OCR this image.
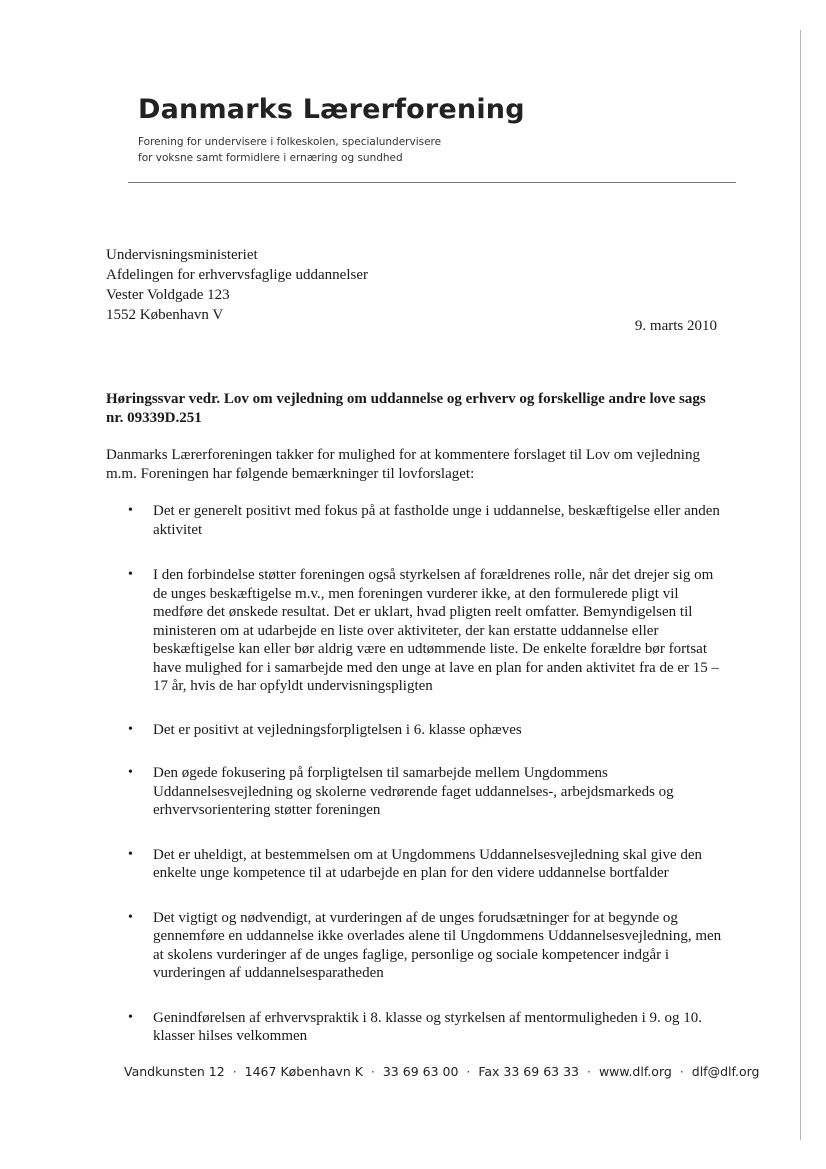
Danmarks Lærerforening
Forening for undervisere i folkeskolen, specialundervisere
for voksne samt formidlere i ernæring og sundhed
Undervisningsministeriet
Afdelingen for erhvervsfaglige uddannelser
Vester Voldgade 123
1552 København V
9. marts 2010
Høringssvar vedr. Lov om vejledning om uddannelse og erhverv og forskellige andre love sags nr. 09339D.251
Danmarks Lærerforeningen takker for mulighed for at kommentere forslaget til Lov om vejledning m.m. Foreningen har følgende bemærkninger til lovforslaget:
• Det er generelt positivt med fokus på at fastholde unge i uddannelse, beskæftigelse eller anden aktivitet
• I den forbindelse støtter foreningen også styrkelsen af forældrenes rolle, når det drejer sig om de unges beskæftigelse m.v., men foreningen vurderer ikke, at den formulerede pligt vil medføre det ønskede resultat. Det er uklart, hvad pligten reelt omfatter. Bemyndigelsen til ministeren om at udarbejde en liste over aktiviteter, der kan erstatte uddannelse eller beskæftigelse kan eller bør aldrig være en udtømmende liste. De enkelte forældre bør fortsat have mulighed for i samarbejde med den unge at lave en plan for anden aktivitet fra de er 15 – 17 år, hvis de har opfyldt undervisningspligten
• Det er positivt at vejledningsforpligtelsen i 6. klasse ophæves
• Den øgede fokusering på forpligtelsen til samarbejde mellem Ungdommens Uddannelsesvejledning og skolerne vedrørende faget uddannelses-, arbejdsmarkeds og erhvervsorientering støtter foreningen
• Det er uheldigt, at bestemmelsen om at Ungdommens Uddannelsesvejledning skal give den enkelte unge kompetence til at udarbejde en plan for den videre uddannelse bortfalder
• Det vigtigt og nødvendigt, at vurderingen af de unges forudsætninger for at begynde og gennemføre en uddannelse ikke overlades alene til Ungdommens Uddannelsesvejledning, men at skolens vurderinger af de unges faglige, personlige og sociale kompetencer indgår i vurderingen af uddannelsesparatheden
• Genindførelsen af erhvervspraktik i 8. klasse og styrkelsen af mentormuligheden i 9. og 10. klasser hilses velkommen
Vandkunsten 12 · 1467 København K · 33 69 63 00 · Fax 33 69 63 33 · www.dlf.org · dlf@dlf.org
